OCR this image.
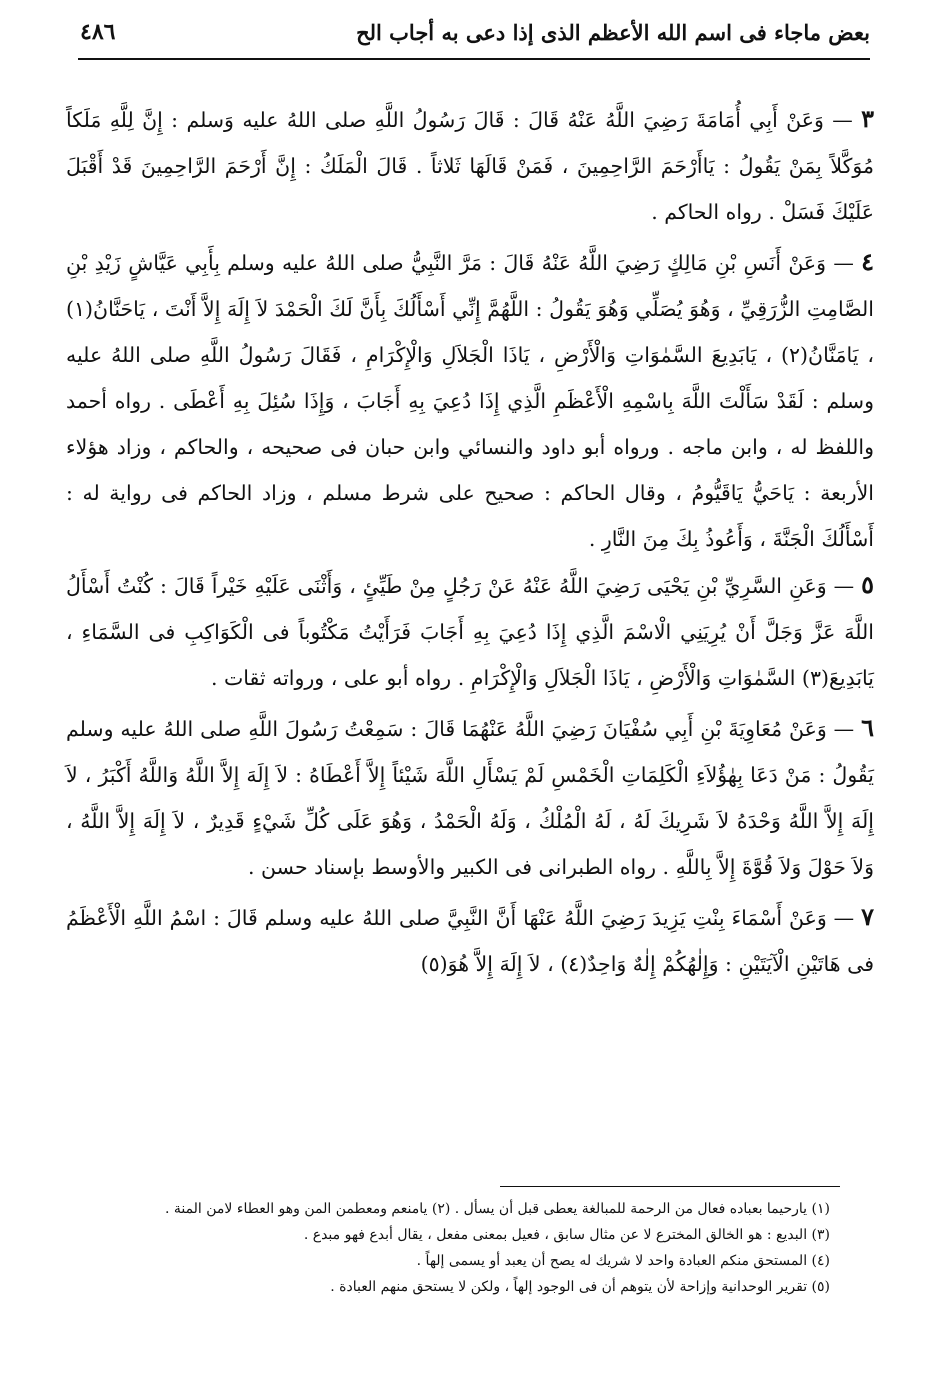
بعض ماجاء فى اسم الله الأعظم الذى إذا دعى به أجاب الح
٤٨٦

٣ — وَعَنْ أَبِي أُمَامَةَ رَضِيَ اللَّهُ عَنْهُ قَالَ : قَالَ رَسُولُ اللَّهِ صلى اللهُ عليه وَسلم : إِنَّ لِلَّهِ مَلَكاً مُوَكَّلاً بِمَنْ يَقُولُ : يَاأَرْحَمَ الرَّاحِمِينَ ، فَمَنْ قَالَهَا ثَلاثاً . قَالَ الْمَلَكُ : إِنَّ أَرْحَمَ الرَّاحِمِينَ قَدْ أَقْبَلَ عَلَيْكَ فَسَلْ . رواه الحاكم .

٤ — وَعَنْ أَنَسِ بْنِ مَالِكٍ رَضِيَ اللَّهُ عَنْهُ قَالَ : مَرَّ النَّبِيُّ صلى اللهُ عليه وسلم بِأَبِي عَيَّاشٍ زَيْدِ بْنِ الصَّامِتِ الزُّرَقِيِّ ، وَهُوَ يُصَلِّي وَهُوَ يَقُولُ : اللَّهُمَّ إِنِّي أَسْأَلُكَ بِأَنَّ لَكَ الْحَمْدَ لاَ إِلَهَ إِلاَّ أَنْتَ ، يَاحَنَّانُ(١) ، يَامَنَّانُ(٢) ، يَابَدِيعَ السَّمٰوَاتِ وَالْأَرْضِ ، يَاذَا الْجَلاَلِ وَالْإِكْرَامِ ، فَقَالَ رَسُولُ اللَّهِ صلى اللهُ عليه وسلم : لَقَدْ سَأَلْتَ اللَّهَ بِاسْمِهِ الْأَعْظَمِ الَّذِي إِذَا دُعِيَ بِهِ أَجَابَ ، وَإِذَا سُئِلَ بِهِ أَعْطَى . رواه أحمد واللفظ له ، وابن ماجه . ورواه أبو داود والنسائي وابن حبان فى صحيحه ، والحاكم ، وزاد هؤلاء الأربعة : يَاحَيُّ يَاقَيُّومُ ، وقال الحاكم : صحيح على شرط مسلم ، وزاد الحاكم فى رواية له : أَسْأَلُكَ الْجَنَّةَ ، وَأَعُوذُ بِكَ مِنَ النَّارِ .

٥ — وَعَنِ السَّرِيِّ بْنِ يَحْيَى رَضِيَ اللَّهُ عَنْهُ عَنْ رَجُلٍ مِنْ طَيِّئٍ ، وَأَثْنَى عَلَيْهِ خَيْراً قَالَ : كُنْتُ أَسْأَلُ اللَّهَ عَزَّ وَجَلَّ أَنْ يُرِيَنِي الْاسْمَ الَّذِي إِذَا دُعِيَ بِهِ أَجَابَ فَرَأَيْتُ مَكْتُوباً فى الْكَوَاكِبِ فى السَّمَاءِ ، يَابَدِيعَ(٣) السَّمٰوَاتِ وَالْأَرْضِ ، يَاذَا الْجَلاَلِ وَالْإِكْرَامِ . رواه أبو على ، ورواته ثقات .

٦ — وَعَنْ مُعَاوِيَةَ بْنِ أَبِي سُفْيَانَ رَضِيَ اللَّهُ عَنْهُمَا قَالَ : سَمِعْتُ رَسُولَ اللَّهِ صلى اللهُ عليه وسلم يَقُولُ : مَنْ دَعَا بِهٰؤُلاَءِ الْكَلِمَاتِ الْخَمْسِ لَمْ يَسْأَلِ اللَّهَ شَيْئاً إِلاَّ أَعْطَاهُ : لاَ إِلَهَ إِلاَّ اللَّهُ وَاللَّهُ أَكْبَرُ ، لاَ إِلَهَ إِلاَّ اللَّهُ وَحْدَهُ لاَ شَرِيكَ لَهُ ، لَهُ الْمُلْكُ ، وَلَهُ الْحَمْدُ ، وَهُوَ عَلَى كُلِّ شَيْءٍ قَدِيرٌ ، لاَ إِلَهَ إِلاَّ اللَّهُ ، وَلاَ حَوْلَ وَلاَ قُوَّةَ إِلاَّ بِاللَّهِ . رواه الطبرانى فى الكبير والأوسط بإسناد حسن .

٧ — وَعَنْ أَسْمَاءَ بِنْتِ يَزِيدَ رَضِيَ اللَّهُ عَنْهَا أَنَّ النَّبِيَّ صلى اللهُ عليه وسلم قَالَ : اسْمُ اللَّهِ الْأَعْظَمُ فى هَاتَيْنِ الْآيَتَيْنِ : وَإِلٰهُكُمْ إِلٰهٌ وَاحِدٌ(٤) ، لاَ إِلَهَ إِلاَّ هُوَ(٥)

(١) يارحيما بعباده فعال من الرحمة للمبالغة يعطى قبل أن يسأل . (٢) يامنعم ومعطمن المن وهو العطاء لامن المنة .

(٣) البديع : هو الخالق المخترع لا عن مثال سابق ، فعيل بمعنى مفعل ، يقال أبدع فهو مبدع .

(٤) المستحق منكم العبادة واحد لا شريك له يصح أن يعبد أو يسمى إلهاً .

(٥) تقرير الوحدانية وإزاحة لأن يتوهم أن فى الوجود إلهاً ، ولكن لا يستحق منهم العبادة .
